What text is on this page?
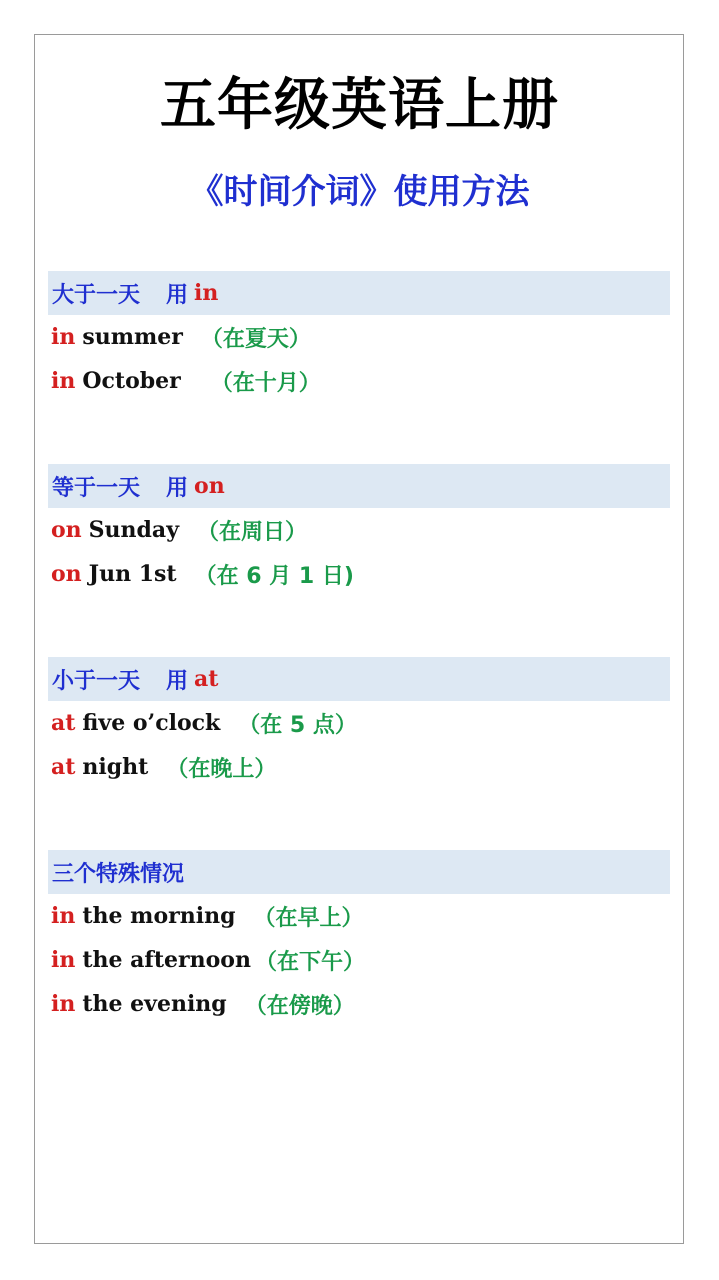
五年级英语上册
《时间介词》使用方法
大于一天 用 in
in summer （在夏天）
in October （在十月）
等于一天 用 on
on Sunday （在周日）
on Jun 1st （在 6 月 1 日)
小于一天 用 at
at five o’clock （在 5 点）
at night （在晚上）
三个特殊情况
in the morning （在早上）
in the afternoon （在下午）
in the evening （在傍晚）
